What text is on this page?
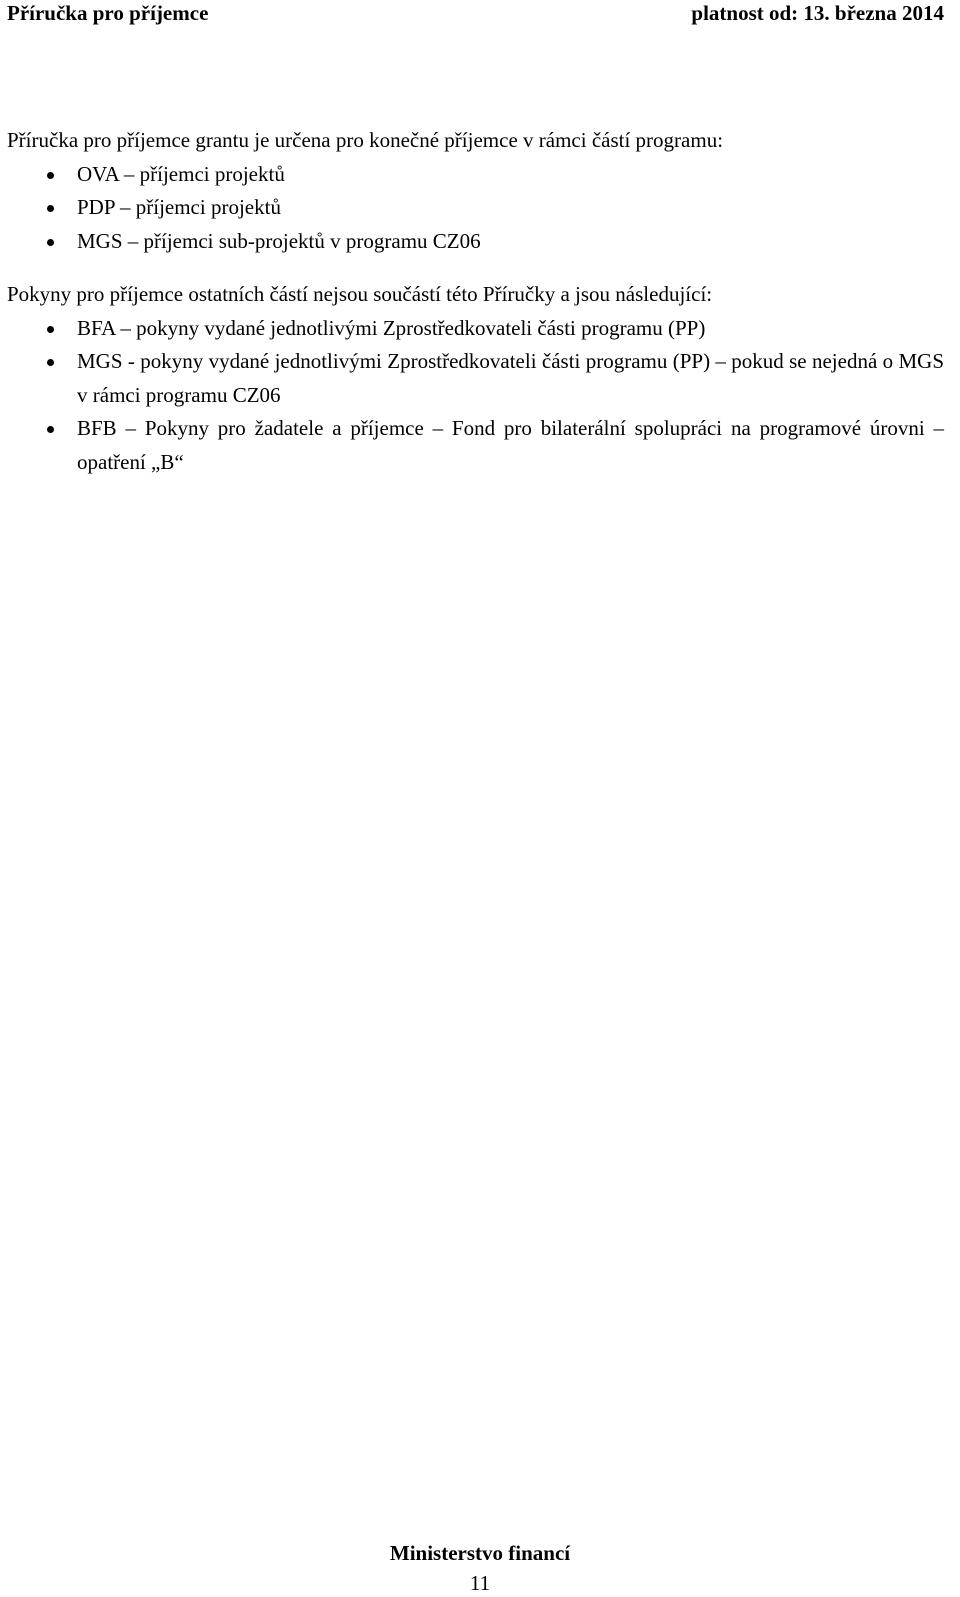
Příručka pro příjemce	platnost od: 13. března 2014

Příručka pro příjemce grantu je určena pro konečné příjemce v rámci částí programu:

OVA – příjemci projektů
PDP – příjemci projektů
MGS – příjemci sub-projektů v programu CZ06

Pokyny pro příjemce ostatních částí nejsou součástí této Příručky a jsou následující:

BFA – pokyny vydané jednotlivými Zprostředkovateli části programu (PP)
MGS - pokyny vydané jednotlivými Zprostředkovateli části programu (PP) – pokud se nejedná o MGS v rámci programu CZ06
BFB – Pokyny pro žadatele a příjemce – Fond pro bilaterální spolupráci na programové úrovni – opatření „B“
Ministerstvo financí
11
